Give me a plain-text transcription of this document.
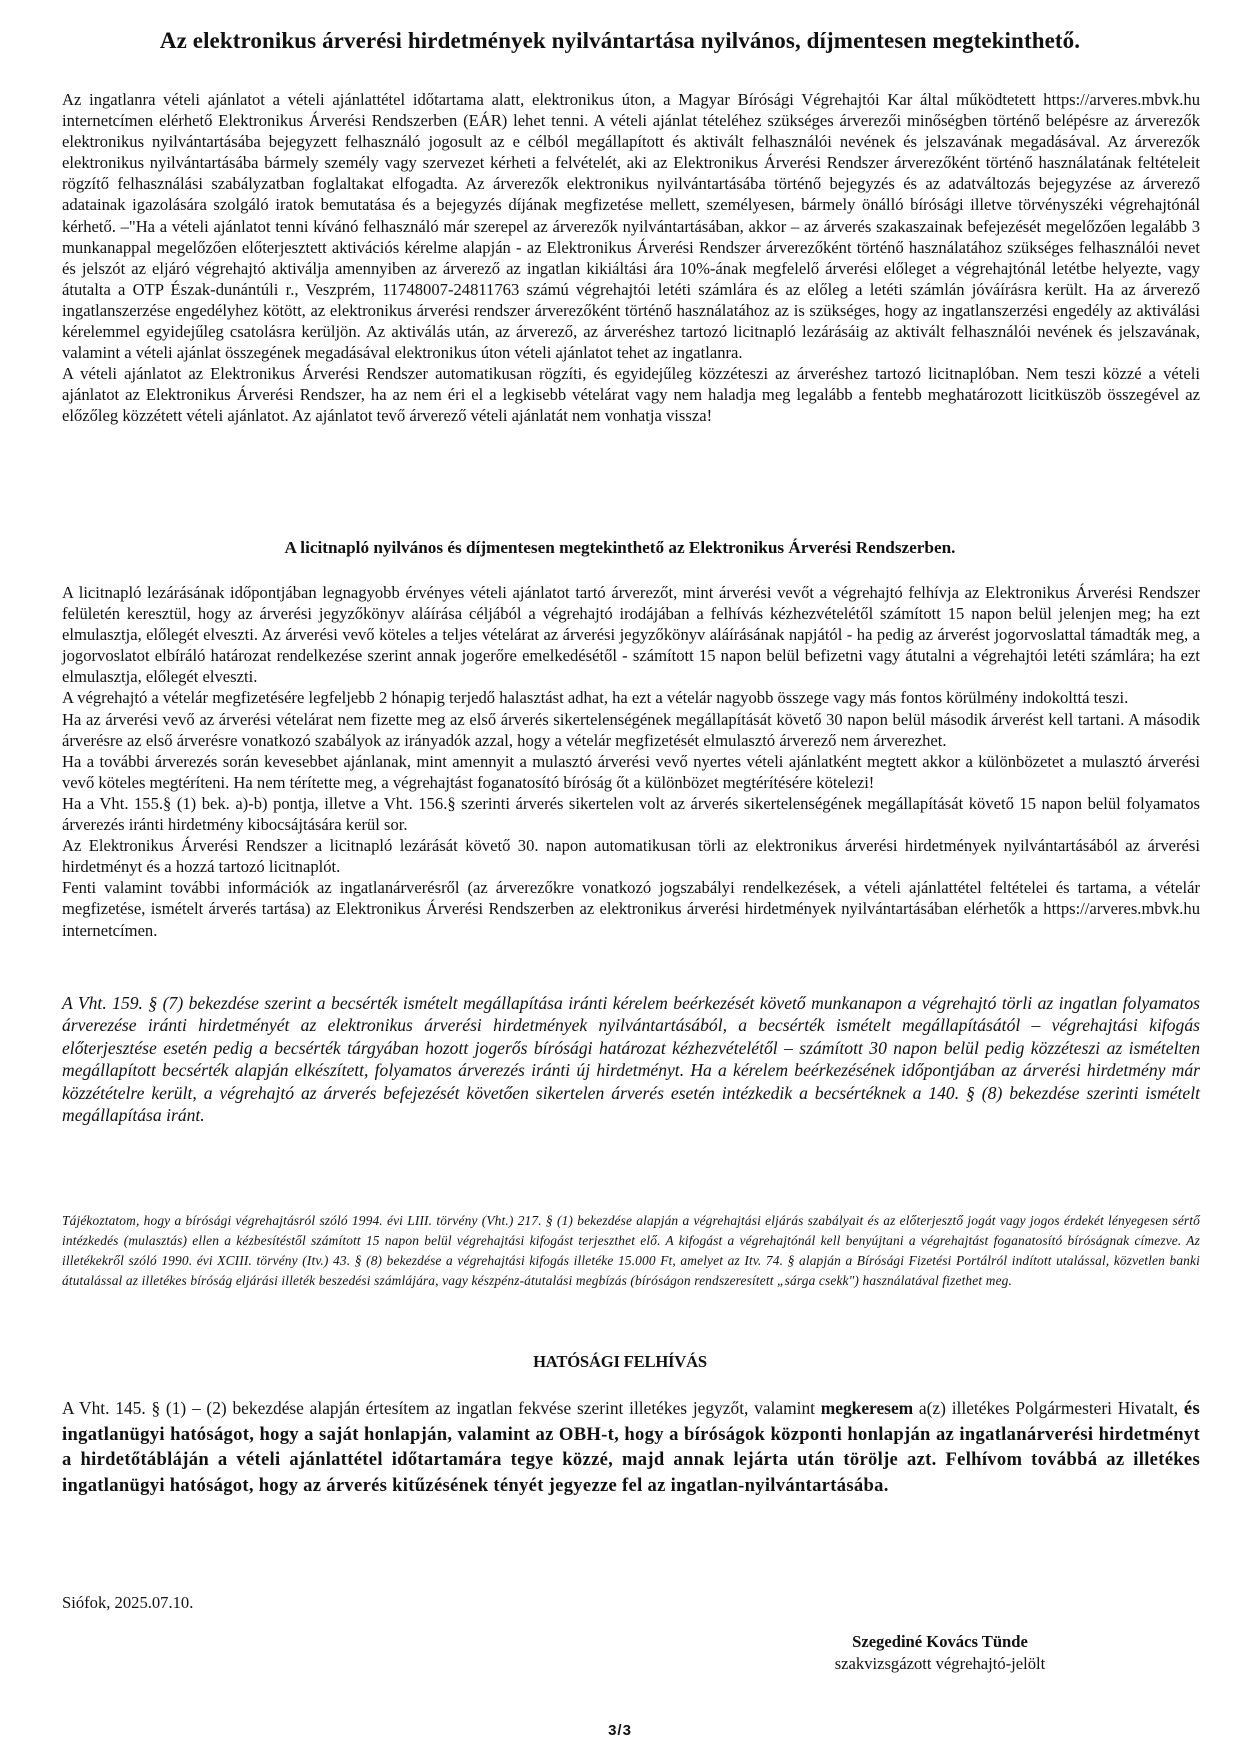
Az elektronikus árverési hirdetmények nyilvántartása nyilvános, díjmentesen megtekinthető.

Az ingatlanra vételi ajánlatot a vételi ajánlattétel időtartama alatt, elektronikus úton, a Magyar Bírósági Végrehajtói Kar által működtetett https://arveres.mbvk.hu internetcímen elérhető Elektronikus Árverési Rendszerben (EÁR) lehet tenni. A vételi ajánlat tételéhez szükséges árverezői minőségben történő belépésre az árverezők elektronikus nyilvántartásába bejegyzett felhasználó jogosult az e célból megállapított és aktivált felhasználói nevének és jelszavának megadásával. Az árverezők elektronikus nyilvántartásába bármely személy vagy szervezet kérheti a felvételét, aki az Elektronikus Árverési Rendszer árverezőként történő használatának feltételeit rögzítő felhasználási szabályzatban foglaltakat elfogadta. Az árverezők elektronikus nyilvántartásába történő bejegyzés és az adatváltozás bejegyzése az árverező adatainak igazolására szolgáló iratok bemutatása és a bejegyzés díjának megfizetése mellett, személyesen, bármely önálló bírósági illetve törvényszéki végrehajtónál kérhető. –"Ha a vételi ajánlatot tenni kívánó felhasználó már szerepel az árverezők nyilvántartásában, akkor – az árverés szakaszainak befejezését megelőzően legalább 3 munkanappal megelőzően előterjesztett aktivációs kérelme alapján - az Elektronikus Árverési Rendszer árverezőként történő használatához szükséges felhasználói nevet és jelszót az eljáró végrehajtó aktiválja amennyiben az árverező az ingatlan kikiáltási ára 10%-ának megfelelő árverési előleget a végrehajtónál letétbe helyezte, vagy átutalta a OTP Észak-dunántúli r., Veszprém, 11748007-24811763 számú végrehajtói letéti számlára és az előleg a letéti számlán jóváírásra került. Ha az árverező ingatlanszerzése engedélyhez kötött, az elektronikus árverési rendszer árverezőként történő használatához az is szükséges, hogy az ingatlanszerzési engedély az aktiválási kérelemmel egyidejűleg csatolásra kerüljön. Az aktiválás után, az árverező, az árveréshez tartozó licitnapló lezárásáig az aktivált felhasználói nevének és jelszavának, valamint a vételi ajánlat összegének megadásával elektronikus úton vételi ajánlatot tehet az ingatlanra.

A vételi ajánlatot az Elektronikus Árverési Rendszer automatikusan rögzíti, és egyidejűleg közzéteszi az árveréshez tartozó licitnaplóban. Nem teszi közzé a vételi ajánlatot az Elektronikus Árverési Rendszer, ha az nem éri el a legkisebb vételárat vagy nem haladja meg legalább a fentebb meghatározott licitküszöb összegével az előzőleg közzétett vételi ajánlatot. Az ajánlatot tevő árverező vételi ajánlatát nem vonhatja vissza!

A licitnapló nyilvános és díjmentesen megtekinthető az Elektronikus Árverési Rendszerben.

A licitnapló lezárásának időpontjában legnagyobb érvényes vételi ajánlatot tartó árverezőt, mint árverési vevőt a végrehajtó felhívja az Elektronikus Árverési Rendszer felületén keresztül, hogy az árverési jegyzőkönyv aláírása céljából a végrehajtó irodájában a felhívás kézhezvételétől számított 15 napon belül jelenjen meg; ha ezt elmulasztja, előlegét elveszti. Az árverési vevő köteles a teljes vételárat az árverési jegyzőkönyv aláírásának napjától - ha pedig az árverést jogorvoslattal támadták meg, a jogorvoslatot elbíráló határozat rendelkezése szerint annak jogerőre emelkedésétől - számított 15 napon belül befizetni vagy átutalni a végrehajtói letéti számlára; ha ezt elmulasztja, előlegét elveszti.

A végrehajtó a vételár megfizetésére legfeljebb 2 hónapig terjedő halasztást adhat, ha ezt a vételár nagyobb összege vagy más fontos körülmény indokolttá teszi.

Ha az árverési vevő az árverési vételárat nem fizette meg az első árverés sikertelenségének megállapítását követő 30 napon belül második árverést kell tartani. A második árverésre az első árverésre vonatkozó szabályok az irányadók azzal, hogy a vételár megfizetését elmulasztó árverező nem árverezhet.

Ha a további árverezés során kevesebbet ajánlanak, mint amennyit a mulasztó árverési vevő nyertes vételi ajánlatként megtett akkor a különbözetet a mulasztó árverési vevő köteles megtéríteni. Ha nem térítette meg, a végrehajtást foganatosító bíróság őt a különbözet megtérítésére kötelezi!

Ha a Vht. 155.§ (1) bek. a)-b) pontja, illetve a Vht. 156.§ szerinti árverés sikertelen volt az árverés sikertelenségének megállapítását követő 15 napon belül folyamatos árverezés iránti hirdetmény kibocsájtására kerül sor.

Az Elektronikus Árverési Rendszer a licitnapló lezárását követő 30. napon automatikusan törli az elektronikus árverési hirdetmények nyilvántartásából az árverési hirdetményt és a hozzá tartozó licitnaplót.

Fenti valamint további információk az ingatlanárverésről (az árverezőkre vonatkozó jogszabályi rendelkezések, a vételi ajánlattétel feltételei és tartama, a vételár megfizetése, ismételt árverés tartása) az Elektronikus Árverési Rendszerben az elektronikus árverési hirdetmények nyilvántartásában elérhetők a https://arveres.mbvk.hu internetcímen.

A Vht. 159. § (7) bekezdése szerint a becsérték ismételt megállapítása iránti kérelem beérkezését követő munkanapon a végrehajtó törli az ingatlan folyamatos árverezése iránti hirdetményét az elektronikus árverési hirdetmények nyilvántartásából, a becsérték ismételt megállapításától – végrehajtási kifogás előterjesztése esetén pedig a becsérték tárgyában hozott jogerős bírósági határozat kézhezvételétől – számított 30 napon belül pedig közzéteszi az ismételten megállapított becsérték alapján elkészített, folyamatos árverezés iránti új hirdetményt. Ha a kérelem beérkezésének időpontjában az árverési hirdetmény már közzétételre került, a végrehajtó az árverés befejezését követően sikertelen árverés esetén intézkedik a becsértéknek a 140. § (8) bekezdése szerinti ismételt megállapítása iránt.

Tájékoztatom, hogy a bírósági végrehajtásról szóló 1994. évi LIII. törvény (Vht.) 217. § (1) bekezdése alapján a végrehajtási eljárás szabályait és az előterjesztő jogát vagy jogos érdekét lényegesen sértő intézkedés (mulasztás) ellen a kézbesítéstől számított 15 napon belül végrehajtási kifogást terjeszthet elő. A kifogást a végrehajtónál kell benyújtani a végrehajtást foganatosító bíróságnak címezve. Az illetékekről szóló 1990. évi XCIII. törvény (Itv.) 43. § (8) bekezdése a végrehajtási kifogás illetéke 15.000 Ft, amelyet az Itv. 74. § alapján a Bírósági Fizetési Portálról indított utalással, közvetlen banki átutalással az illetékes bíróság eljárási illeték beszedési számlájára, vagy készpénz-átutalási megbízás (bíróságon rendszeresített „sárga csekk") használatával fizethet meg.

HATÓSÁGI FELHÍVÁS

A Vht. 145. § (1) – (2) bekezdése alapján értesítem az ingatlan fekvése szerint illetékes jegyzőt, valamint megkeresem a(z) illetékes Polgármesteri Hivatalt, és ingatlanügyi hatóságot, hogy a saját honlapján, valamint az OBH-t, hogy a bíróságok központi honlapján az ingatlanárverési hirdetményt a hirdetőtábláján a vételi ajánlattétel időtartamára tegye közzé, majd annak lejárta után törölje azt. Felhívom továbbá az illetékes ingatlanügyi hatóságot, hogy az árverés kitűzésének tényét jegyezze fel az ingatlan-nyilvántartásába.

Siófok, 2025.07.10.
Szegediné Kovács Tünde
szakvizsgázott végrehajtó-jelölt
3/3
